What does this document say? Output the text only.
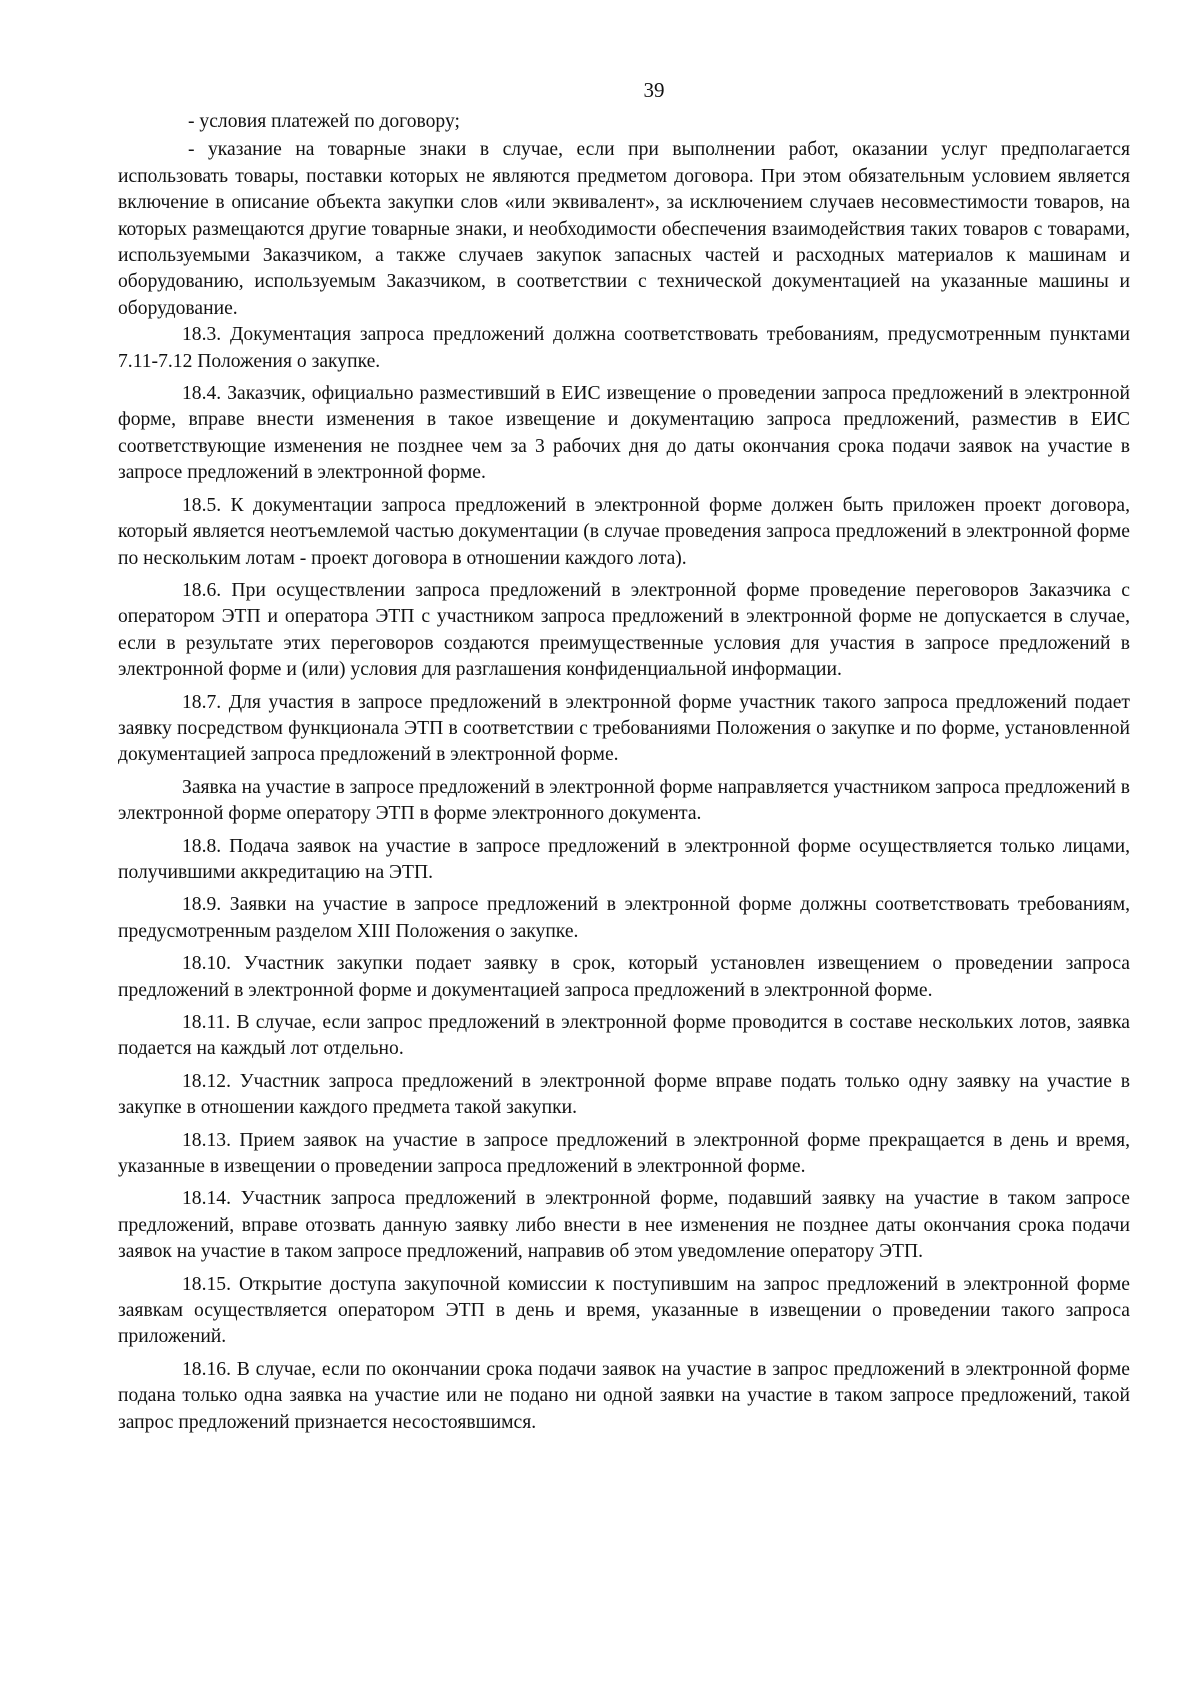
39

- условия платежей по договору;

- указание на товарные знаки в случае, если при выполнении работ, оказании услуг предполагается использовать товары, поставки которых не являются предметом договора. При этом обязательным условием является включение в описание объекта закупки слов «или эквивалент», за исключением случаев несовместимости товаров, на которых размещаются другие товарные знаки, и необходимости обеспечения взаимодействия таких товаров с товарами, используемыми Заказчиком, а также случаев закупок запасных частей и расходных материалов к машинам и оборудованию, используемым Заказчиком, в соответствии с технической документацией на указанные машины и оборудование.

18.3. Документация запроса предложений должна соответствовать требованиям, предусмотренным пунктами 7.11-7.12 Положения о закупке.

18.4. Заказчик, официально разместивший в ЕИС извещение о проведении запроса предложений в электронной форме, вправе внести изменения в такое извещение и документацию запроса предложений, разместив в ЕИС соответствующие изменения не позднее чем за 3 рабочих дня до даты окончания срока подачи заявок на участие в запросе предложений в электронной форме.

18.5. К документации запроса предложений в электронной форме должен быть приложен проект договора, который является неотъемлемой частью документации (в случае проведения запроса предложений в электронной форме по нескольким лотам - проект договора в отношении каждого лота).

18.6. При осуществлении запроса предложений в электронной форме проведение переговоров Заказчика с оператором ЭТП и оператора ЭТП с участником запроса предложений в электронной форме не допускается в случае, если в результате этих переговоров создаются преимущественные условия для участия в запросе предложений в электронной форме и (или) условия для разглашения конфиденциальной информации.

18.7. Для участия в запросе предложений в электронной форме участник такого запроса предложений подает заявку посредством функционала ЭТП в соответствии с требованиями Положения о закупке и по форме, установленной документацией запроса предложений в электронной форме.

Заявка на участие в запросе предложений в электронной форме направляется участником запроса предложений в электронной форме оператору ЭТП в форме электронного документа.

18.8. Подача заявок на участие в запросе предложений в электронной форме осуществляется только лицами, получившими аккредитацию на ЭТП.

18.9. Заявки на участие в запросе предложений в электронной форме должны соответствовать требованиям, предусмотренным разделом XIII Положения о закупке.

18.10. Участник закупки подает заявку в срок, который установлен извещением о проведении запроса предложений в электронной форме и документацией запроса предложений в электронной форме.

18.11. В случае, если запрос предложений в электронной форме проводится в составе нескольких лотов, заявка подается на каждый лот отдельно.

18.12. Участник запроса предложений в электронной форме вправе подать только одну заявку на участие в закупке в отношении каждого предмета такой закупки.

18.13. Прием заявок на участие в запросе предложений в электронной форме прекращается в день и время, указанные в извещении о проведении запроса предложений в электронной форме.

18.14. Участник запроса предложений в электронной форме, подавший заявку на участие в таком запросе предложений, вправе отозвать данную заявку либо внести в нее изменения не позднее даты окончания срока подачи заявок на участие в таком запросе предложений, направив об этом уведомление оператору ЭТП.

18.15. Открытие доступа закупочной комиссии к поступившим на запрос предложений в электронной форме заявкам осуществляется оператором ЭТП в день и время, указанные в извещении о проведении такого запроса приложений.

18.16. В случае, если по окончании срока подачи заявок на участие в запрос предложений в электронной форме подана только одна заявка на участие или не подано ни одной заявки на участие в таком запросе предложений, такой запрос предложений признается несостоявшимся.
